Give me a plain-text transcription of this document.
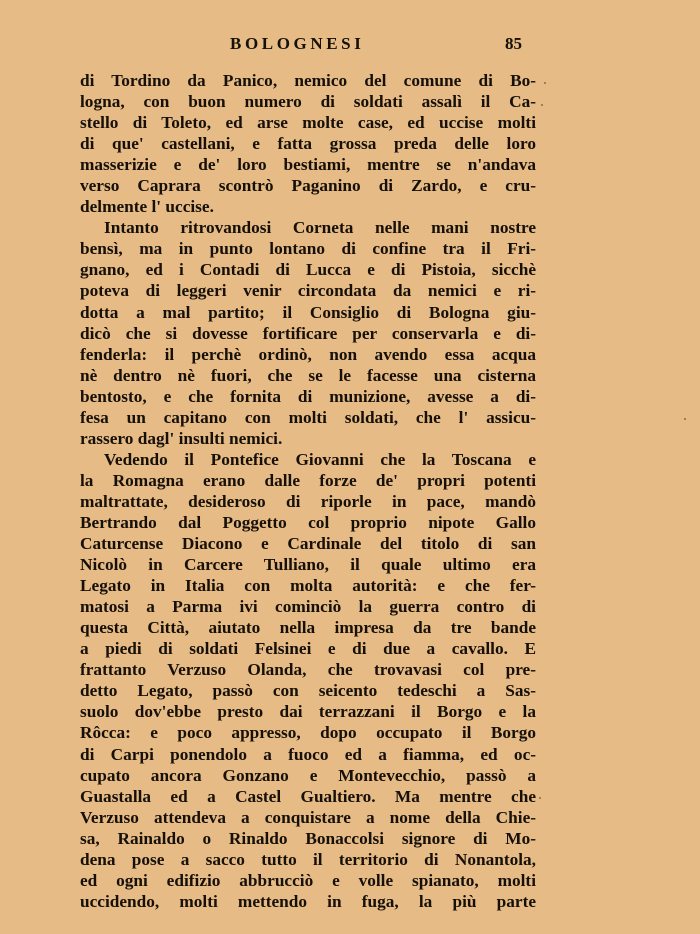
BOLOGNESI	85
di Tordino da Panico, nemico del comune di Bo-
logna, con buon numero di soldati assalì il Ca-
stello di Toleto, ed arse molte case, ed uccise molti
di que' castellani, e fatta grossa preda delle loro
masserizie e de' loro bestiami, mentre se n'andava
verso Caprara scontrò Paganino di Zardo, e cru-
delmente l' uccise.
Intanto ritrovandosi Corneta nelle mani nostre
bensì, ma in punto lontano di confine tra il Fri-
gnano, ed i Contadi di Lucca e di Pistoia, sicchè
poteva di leggeri venir circondata da nemici e ri-
dotta a mal partito; il Consiglio di Bologna giu-
dicò che si dovesse fortificare per conservarla e di-
fenderla: il perchè ordinò, non avendo essa acqua
nè dentro nè fuori, che se le facesse una cisterna
bentosto, e che fornita di munizione, avesse a di-
fesa un capitano con molti soldati, che l' assicu-
rassero dagl' insulti nemici.
Vedendo il Pontefice Giovanni che la Toscana e
la Romagna erano dalle forze de' propri potenti
maltrattate, desideroso di riporle in pace, mandò
Bertrando dal Poggetto col proprio nipote Gallo
Caturcense Diacono e Cardinale del titolo di san
Nicolò in Carcere Tulliano, il quale ultimo era
Legato in Italia con molta autorità: e che fer-
matosi a Parma ivi cominciò la guerra contro di
questa Città, aiutato nella impresa da tre bande
a piedi di soldati Felsinei e di due a cavallo. E
frattanto Verzuso Olanda, che trovavasi col pre-
detto Legato, passò con seicento tedeschi a Sas-
suolo dov'ebbe presto dai terrazzani il Borgo e la
Rôcca: e poco appresso, dopo occupato il Borgo
di Carpi ponendolo a fuoco ed a fiamma, ed oc-
cupato ancora Gonzano e Montevecchio, passò a
Guastalla ed a Castel Gualtiero. Ma mentre che
Verzuso attendeva a conquistare a nome della Chie-
sa, Rainaldo o Rinaldo Bonaccolsi signore di Mo-
dena pose a sacco tutto il territorio di Nonantola,
ed ogni edifizio abbrucciò e volle spianato, molti
uccidendo, molti mettendo in fuga, la più parte
